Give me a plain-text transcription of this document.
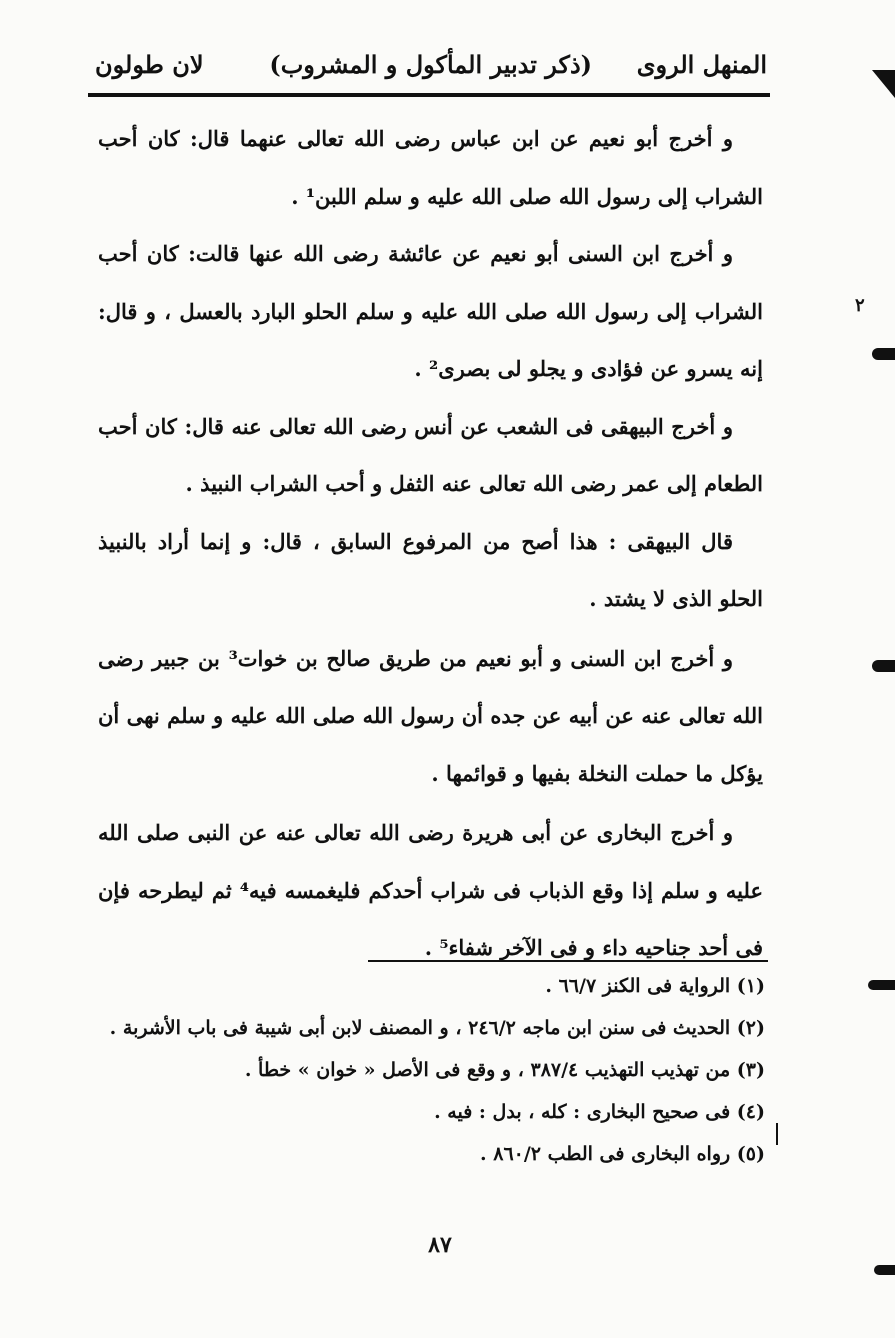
المنهل الروى
(ذكر تدبير المأكول و المشروب)
لان طولون

و أخرج أبو نعيم عن ابن عباس رضى الله تعالى عنهما قال: كان أحب الشراب إلى رسول الله صلى الله عليه و سلم اللبن¹ .

و أخرج ابن السنى أبو نعيم عن عائشة رضى الله عنها قالت: كان أحب الشراب إلى رسول الله صلى الله عليه و سلم الحلو البارد بالعسل ، و قال: إنه يسرو عن فؤادى و يجلو لى بصرى² .

و أخرج البيهقى فى الشعب عن أنس رضى الله تعالى عنه قال: كان أحب الطعام إلى عمر رضى الله تعالى عنه الثفل و أحب الشراب النبيذ .

قال البيهقى : هذا أصح من المرفوع السابق ، قال: و إنما أراد بالنبيذ الحلو الذى لا يشتد .

و أخرج ابن السنى و أبو نعيم من طريق صالح بن خوات³ بن جبير رضى الله تعالى عنه عن أبيه عن جده أن رسول الله صلى الله عليه و سلم نهى أن يؤكل ما حملت النخلة بفيها و قوائمها .

و أخرج البخارى عن أبى هريرة رضى الله تعالى عنه عن النبى صلى الله عليه و سلم إذا وقع الذباب فى شراب أحدكم فليغمسه فيه⁴ ثم ليطرحه فإن فى أحد جناحيه داء و فى الآخر شفاء⁵ .

(١) الرواية فى الكنز ٦٦/٧ .
(٢) الحديث فى سنن ابن ماجه ٢٤٦/٢ ، و المصنف لابن أبى شيبة فى باب الأشربة .
(٣) من تهذيب التهذيب ٣٨٧/٤ ، و وقع فى الأصل « خوان » خطأ .
(٤) فى صحيح البخارى : كله ، بدل : فيه .
(٥) رواه البخارى فى الطب ٨٦٠/٢ .
٨٧
٢
